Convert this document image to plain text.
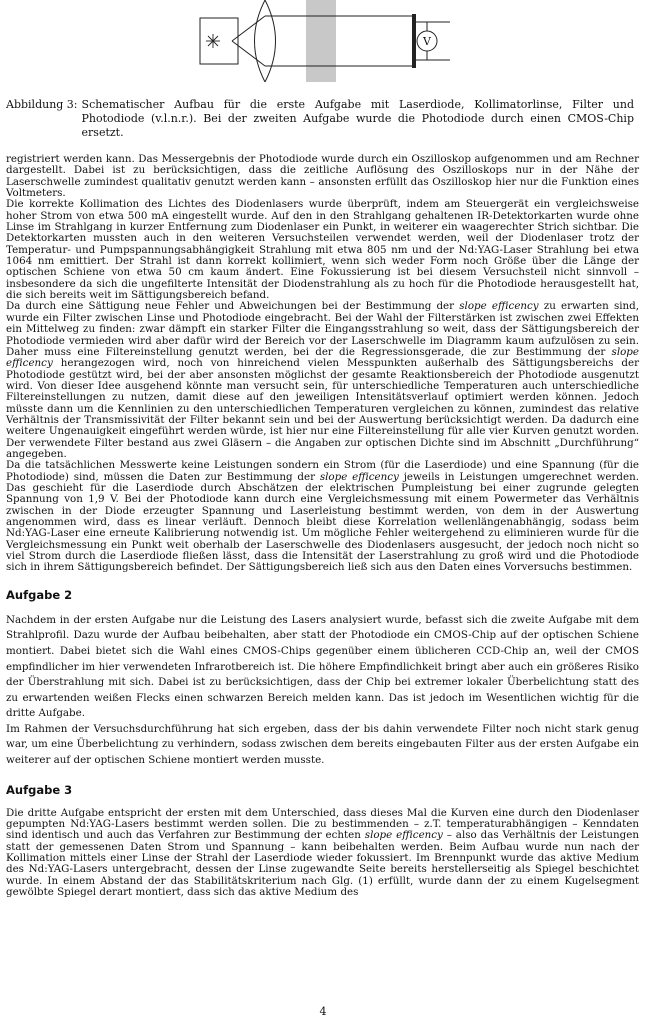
V
Abbildung 3: Schematischer Aufbau für die erste Aufgabe mit Laserdiode, Kollimatorlinse, Filter und Photodiode (v.l.n.r.). Bei der zweiten Aufgabe wurde die Photodiode durch einen CMOS-Chip ersetzt.

registriert werden kann. Das Messergebnis der Photodiode wurde durch ein Oszilloskop aufgenommen und am Rechner dargestellt. Dabei ist zu berücksichtigen, dass die zeitliche Auflösung des Oszilloskops nur in der Nähe der Laserschwelle zumindest qualitativ genutzt werden kann – ansonsten erfüllt das Oszilloskop hier nur die Funktion eines Voltmeters.

Die korrekte Kollimation des Lichtes des Diodenlasers wurde überprüft, indem am Steuergerät ein vergleichsweise hoher Strom von etwa 500 mA eingestellt wurde. Auf den in den Strahlgang gehaltenen IR-Detektorkarten wurde ohne Linse im Strahlgang in kurzer Entfernung zum Diodenlaser ein Punkt, in weiterer ein waagerechter Strich sichtbar. Die Detektorkarten mussten auch in den weiteren Versuchsteilen verwendet werden, weil der Diodenlaser trotz der Temperatur- und Pumpspannungsabhängigkeit Strahlung mit etwa 805 nm und der Nd:YAG-Laser Strahlung bei etwa 1064 nm emittiert. Der Strahl ist dann korrekt kollimiert, wenn sich weder Form noch Größe über die Länge der optischen Schiene von etwa 50 cm kaum ändert. Eine Fokussierung ist bei diesem Versuchsteil nicht sinnvoll – insbesondere da sich die ungefilterte Intensität der Diodenstrahlung als zu hoch für die Photodiode herausgestellt hat, die sich bereits weit im Sättigungsbereich befand.

Da durch eine Sättigung neue Fehler und Abweichungen bei der Bestimmung der slope efficency zu erwarten sind, wurde ein Filter zwischen Linse und Photodiode eingebracht. Bei der Wahl der Filterstärken ist zwischen zwei Effekten ein Mittelweg zu finden: zwar dämpft ein starker Filter die Eingangsstrahlung so weit, dass der Sättigungsbereich der Photodiode vermieden wird aber dafür wird der Bereich vor der Laserschwelle im Diagramm kaum aufzulösen zu sein. Daher muss eine Filtereinstellung genutzt werden, bei der die Regressionsgerade, die zur Bestimmung der slope efficency herangezogen wird, noch von hinreichend vielen Messpunkten außerhalb des Sättigungsbereichs der Photodiode gestützt wird, bei der aber ansonsten möglichst der gesamte Reaktionsbereich der Photodiode ausgenutzt wird. Von dieser Idee ausgehend könnte man versucht sein, für unterschiedliche Temperaturen auch unterschiedliche Filtereinstellungen zu nutzen, damit diese auf den jeweiligen Intensitätsverlauf optimiert werden können. Jedoch müsste dann um die Kennlinien zu den unterschiedlichen Temperaturen vergleichen zu können, zumindest das relative Verhältnis der Transmissivität der Filter bekannt sein und bei der Auswertung berücksichtigt werden. Da dadurch eine weitere Ungenauigkeit eingeführt werden würde, ist hier nur eine Filtereinstellung für alle vier Kurven genutzt worden. Der verwendete Filter bestand aus zwei Gläsern – die Angaben zur optischen Dichte sind im Abschnitt „Durchführung“ angegeben.

Da die tatsächlichen Messwerte keine Leistungen sondern ein Strom (für die Laserdiode) und eine Spannung (für die Photodiode) sind, müssen die Daten zur Bestimmung der slope efficency jeweils in Leistungen umgerechnet werden. Das geschieht für die Laserdiode durch Abschätzen der elektrischen Pumpleistung bei einer zugrunde gelegten Spannung von 1,9 V. Bei der Photodiode kann durch eine Vergleichsmessung mit einem Powermeter das Verhältnis zwischen in der Diode erzeugter Spannung und Laserleistung bestimmt werden, von dem in der Auswertung angenommen wird, dass es linear verläuft. Dennoch bleibt diese Korrelation wellenlängenabhängig, sodass beim Nd:YAG-Laser eine erneute Kalibrierung notwendig ist. Um mögliche Fehler weitergehend zu eliminieren wurde für die Vergleichsmessung ein Punkt weit oberhalb der Laserschwelle des Diodenlasers ausgesucht, der jedoch noch nicht so viel Strom durch die Laserdiode fließen lässt, dass die Intensität der Laserstrahlung zu groß wird und die Photodiode sich in ihrem Sättigungsbereich befindet. Der Sättigungsbereich ließ sich aus den Daten eines Vorversuchs bestimmen.

Aufgabe 2

Nachdem in der ersten Aufgabe nur die Leistung des Lasers analysiert wurde, befasst sich die zweite Aufgabe mit dem Strahlprofil. Dazu wurde der Aufbau beibehalten, aber statt der Photodiode ein CMOS-Chip auf der optischen Schiene montiert. Dabei bietet sich die Wahl eines CMOS-Chips gegenüber einem üblicheren CCD-Chip an, weil der CMOS empfindlicher im hier verwendeten Infrarotbereich ist. Die höhere Empfindlichkeit bringt aber auch ein größeres Risiko der Überstrahlung mit sich. Dabei ist zu berücksichtigen, dass der Chip bei extremer lokaler Überbelichtung statt des zu erwartenden weißen Flecks einen schwarzen Bereich melden kann. Das ist jedoch im Wesentlichen wichtig für die dritte Aufgabe.

Im Rahmen der Versuchsdurchführung hat sich ergeben, dass der bis dahin verwendete Filter noch nicht stark genug war, um eine Überbelichtung zu verhindern, sodass zwischen dem bereits eingebauten Filter aus der ersten Aufgabe ein weiterer auf der optischen Schiene montiert werden musste.

Aufgabe 3

Die dritte Aufgabe entspricht der ersten mit dem Unterschied, dass dieses Mal die Kurven eine durch den Diodenlaser gepumpten Nd:YAG-Lasers bestimmt werden sollen. Die zu bestimmenden – z.T. temperaturabhängigen – Kenndaten sind identisch und auch das Verfahren zur Bestimmung der echten slope efficency – also das Verhältnis der Leistungen statt der gemessenen Daten Strom und Spannung – kann beibehalten werden. Beim Aufbau wurde nun nach der Kollimation mittels einer Linse der Strahl der Laserdiode wieder fokussiert. Im Brennpunkt wurde das aktive Medium des Nd:YAG-Lasers untergebracht, dessen der Linse zugewandte Seite bereits herstellerseitig als Spiegel beschichtet wurde. In einem Abstand der das Stabilitätskriterium nach Glg. (1) erfüllt, wurde dann der zu einem Kugelsegment gewölbte Spiegel derart montiert, dass sich das aktive Medium des

4
